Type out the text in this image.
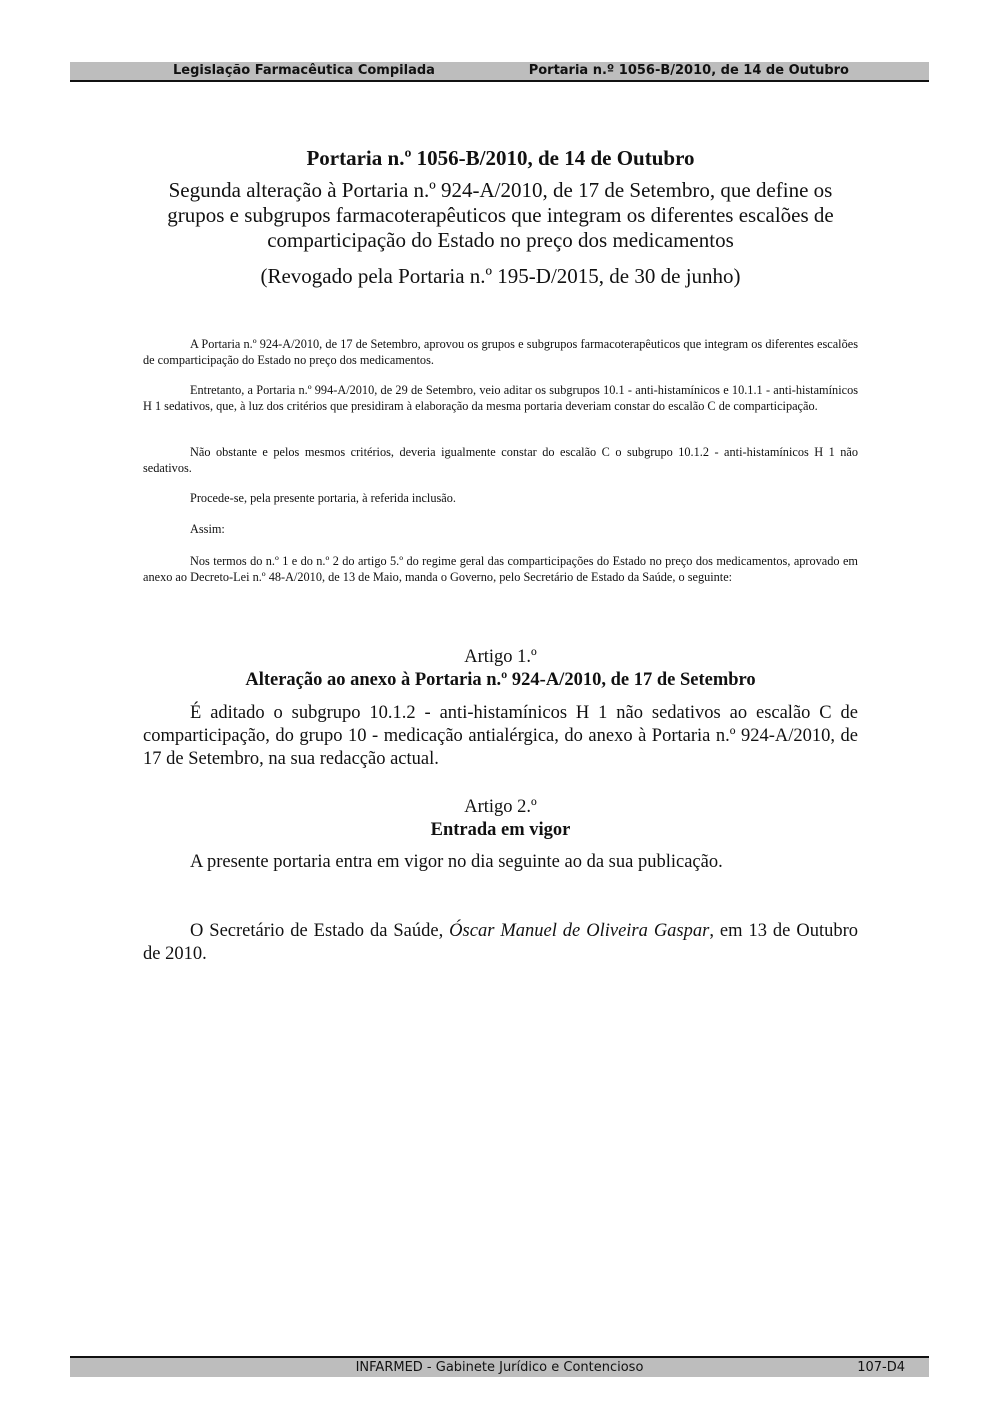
Legislação Farmacêutica Compilada	Portaria n.º 1056-B/2010, de 14 de Outubro
Portaria n.º 1056-B/2010, de 14 de Outubro
Segunda alteração à Portaria n.º 924-A/2010, de 17 de Setembro, que define os grupos e subgrupos farmacoterapêuticos que integram os diferentes escalões de comparticipação do Estado no preço dos medicamentos
(Revogado pela Portaria n.º 195-D/2015, de 30 de junho)

A Portaria n.º 924-A/2010, de 17 de Setembro, aprovou os grupos e subgrupos farmacoterapêuticos que integram os diferentes escalões de comparticipação do Estado no preço dos medicamentos.

Entretanto, a Portaria n.º 994-A/2010, de 29 de Setembro, veio aditar os subgrupos 10.1 - anti-histamínicos e 10.1.1 - anti-histamínicos H 1 sedativos, que, à luz dos critérios que presidiram à elaboração da mesma portaria deveriam constar do escalão C de comparticipação.

Não obstante e pelos mesmos critérios, deveria igualmente constar do escalão C o subgrupo 10.1.2 - anti-histamínicos H 1 não sedativos.

Procede-se, pela presente portaria, à referida inclusão.

Assim:

Nos termos do n.º 1 e do n.º 2 do artigo 5.º do regime geral das comparticipações do Estado no preço dos medicamentos, aprovado em anexo ao Decreto-Lei n.º 48-A/2010, de 13 de Maio, manda o Governo, pelo Secretário de Estado da Saúde, o seguinte:

Artigo 1.º
Alteração ao anexo à Portaria n.º 924-A/2010, de 17 de Setembro

É aditado o subgrupo 10.1.2 - anti-histamínicos H 1 não sedativos ao escalão C de comparticipação, do grupo 10 - medicação antialérgica, do anexo à Portaria n.º 924-A/2010, de 17 de Setembro, na sua redacção actual.

Artigo 2.º
Entrada em vigor

A presente portaria entra em vigor no dia seguinte ao da sua publicação.

O Secretário de Estado da Saúde, Óscar Manuel de Oliveira Gaspar, em 13 de Outubro de 2010.

INFARMED - Gabinete Jurídico e Contencioso	107-D4
